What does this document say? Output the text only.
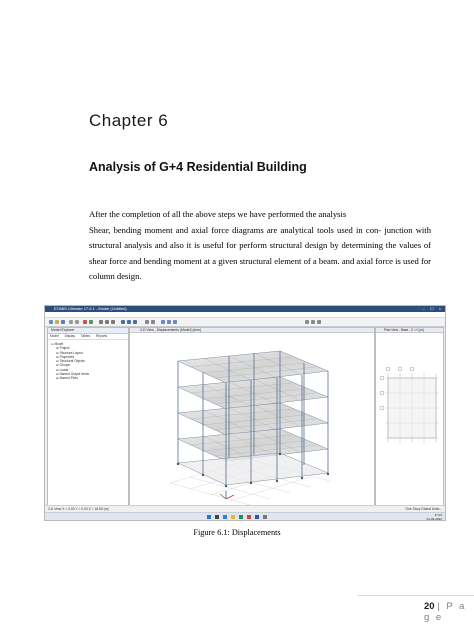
Chapter 6
Analysis of G+4 Residential Building
After the completion of all the above steps we have performed the analysis
Shear, bending moment and axial force diagrams are analytical tools used in con- junction with structural analysis and also it is useful for perform structural design by determining the values of shear force and bending moment at a given structural element of a beam. and axial force is used for column design.
ETABS Ultimate 17.0.1 - Model (Untitled)	– ☐ ×
Model Explorer
Model Display Tables Reports
⊟ Model
⊞ Project
⊞ Structure Layout
⊞ Properties
⊞ Structural Objects
⊞ Groups
⊞ Loads
⊞ Named Output Items
⊞ Named Plots
3-D View - Displacements (Mode1) [mm]	Plan View - Base - Z = 0 (m)
3-D View X = 0.00 Y = 0.00 Z = 16.50 (m)	One Story Global Units...
17:03
01-06-2022
Figure 6.1: Displacements
20 | P a g e
